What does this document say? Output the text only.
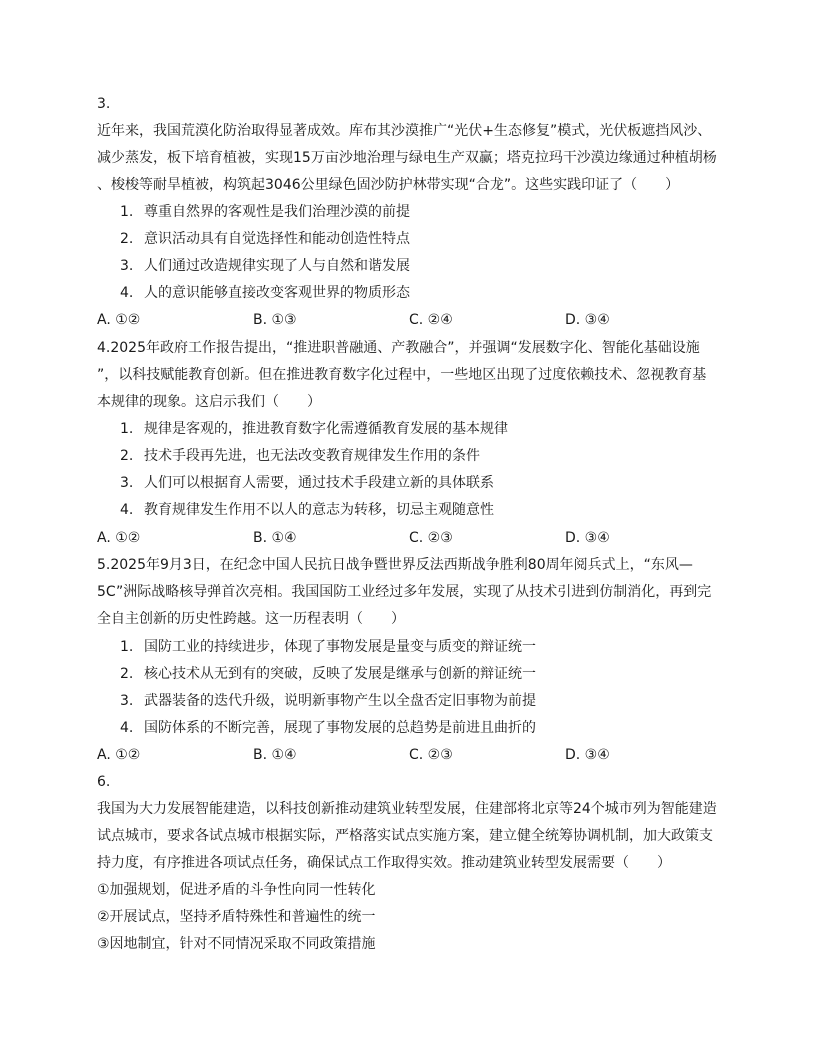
3.
近年来，我国荒漠化防治取得显著成效。库布其沙漠推广“光伏+生态修复”模式，光伏板遮挡风沙、
减少蒸发，板下培育植被，实现15万亩沙地治理与绿电生产双赢；塔克拉玛干沙漠边缘通过种植胡杨
、梭梭等耐旱植被，构筑起3046公里绿色固沙防护林带实现“合龙”。这些实践印证了（　　）
1. 尊重自然界的客观性是我们治理沙漠的前提
2. 意识活动具有自觉选择性和能动创造性特点
3. 人们通过改造规律实现了人与自然和谐发展
4. 人的意识能够直接改变客观世界的物质形态
A. ①②	B. ①③	C. ②④	D. ③④
4.2025年政府工作报告提出，“推进职普融通、产教融合”，并强调“发展数字化、智能化基础设施
”，以科技赋能教育创新。但在推进教育数字化过程中，一些地区出现了过度依赖技术、忽视教育基
本规律的现象。这启示我们（　　）
1. 规律是客观的，推进教育数字化需遵循教育发展的基本规律
2. 技术手段再先进，也无法改变教育规律发生作用的条件
3. 人们可以根据育人需要，通过技术手段建立新的具体联系
4. 教育规律发生作用不以人的意志为转移，切忌主观随意性
A. ①②	B. ①④	C. ②③	D. ③④
5.2025年9月3日，在纪念中国人民抗日战争暨世界反法西斯战争胜利80周年阅兵式上，“东风—
5C”洲际战略核导弹首次亮相。我国国防工业经过多年发展，实现了从技术引进到仿制消化，再到完
全自主创新的历史性跨越。这一历程表明（　　）
1. 国防工业的持续进步，体现了事物发展是量变与质变的辩证统一
2. 核心技术从无到有的突破，反映了发展是继承与创新的辩证统一
3. 武器装备的迭代升级，说明新事物产生以全盘否定旧事物为前提
4. 国防体系的不断完善，展现了事物发展的总趋势是前进且曲折的
A. ①②	B. ①④	C. ②③	D. ③④
6.
我国为大力发展智能建造，以科技创新推动建筑业转型发展，住建部将北京等24个城市列为智能建造
试点城市，要求各试点城市根据实际，严格落实试点实施方案，建立健全统筹协调机制，加大政策支
持力度，有序推进各项试点任务，确保试点工作取得实效。推动建筑业转型发展需要（　　）
①加强规划，促进矛盾的斗争性向同一性转化
②开展试点，坚持矛盾特殊性和普遍性的统一
③因地制宜，针对不同情况采取不同政策措施
